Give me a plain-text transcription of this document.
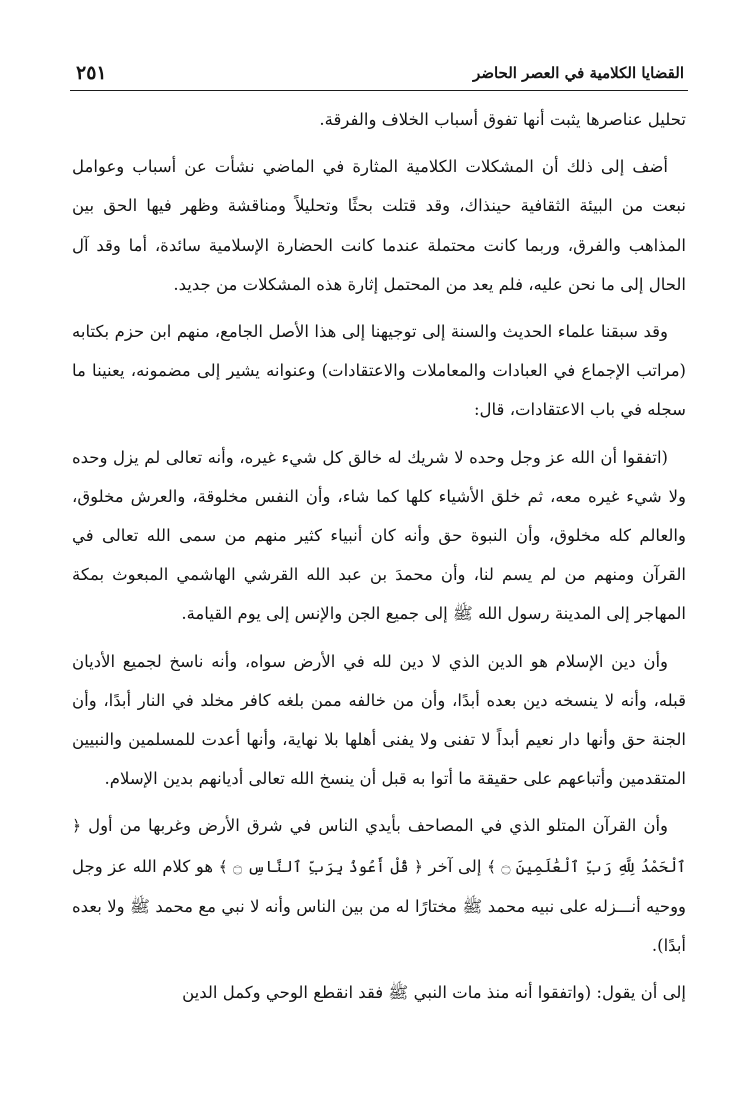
القضايا الكلامية في العصر الحاضر
٢٥١

تحليل عناصرها يثبت أنها تفوق أسباب الخلاف والفرقة.

أضف إلى ذلك أن المشكلات الكلامية المثارة في الماضي نشأت عن أسباب وعوامل نبعت من البيئة الثقافية حينذاك، وقد قتلت بحثًا وتحليلاً ومناقشة وظهر فيها الحق بين المذاهب والفرق، وربما كانت محتملة عندما كانت الحضارة الإسلامية سائدة، أما وقد آل الحال إلى ما نحن عليه، فلم يعد من المحتمل إثارة هذه المشكلات من جديد.

وقد سبقنا علماء الحديث والسنة إلى توجيهنا إلى هذا الأصل الجامع، منهم ابن حزم بكتابه (مراتب الإجماع في العبادات والمعاملات والاعتقادات) وعنوانه يشير إلى مضمونه، يعنينا ما سجله في باب الاعتقادات، قال:

(اتفقوا أن الله عز وجل وحده لا شريك له خالق كل شيء غيره، وأنه تعالى لم يزل وحده ولا شيء غيره معه، ثم خلق الأشياء كلها كما شاء، وأن النفس مخلوقة، والعرش مخلوق، والعالم كله مخلوق، وأن النبوة حق وأنه كان أنبياء كثير منهم من سمى الله تعالى في القرآن ومنهم من لم يسم لنا، وأن محمدَ بن عبد الله القرشي الهاشمي المبعوث بمكة المهاجر إلى المدينة رسول الله ﷺ إلى جميع الجن والإنس إلى يوم القيامة.

وأن دين الإسلام هو الدين الذي لا دين لله في الأرض سواه، وأنه ناسخ لجميع الأديان قبله، وأنه لا ينسخه دين بعده أبدًا، وأن من خالفه ممن بلغه كافر مخلد في النار أبدًا، وأن الجنة حق وأنها دار نعيم أبداً لا تفنى ولا يفنى أهلها بلا نهاية، وأنها أعدت للمسلمين والنبيين المتقدمين وأتباعهم على حقيقة ما أتوا به قبل أن ينسخ الله تعالى أديانهم بدين الإسلام.

وأن القرآن المتلو الذي في المصاحف بأيدي الناس في شرق الأرض وغربها من أول ﴿ ٱلْحَمْدُ لِلَّهِ رَبِّ ٱلْعَٰلَمِينَ ۝ ﴾ إلى آخر ﴿ قُلْ أَعُوذُ بِرَبِّ ٱلنَّاسِ ۝ ﴾ هو كلام الله عز وجل ووحيه أنـــزله على نبيه محمد ﷺ مختارًا له من بين الناس وأنه لا نبي مع محمد ﷺ ولا بعده أبدًا).

إلى أن يقول: (واتفقوا أنه منذ مات النبي ﷺ فقد انقطع الوحي وكمل الدين
